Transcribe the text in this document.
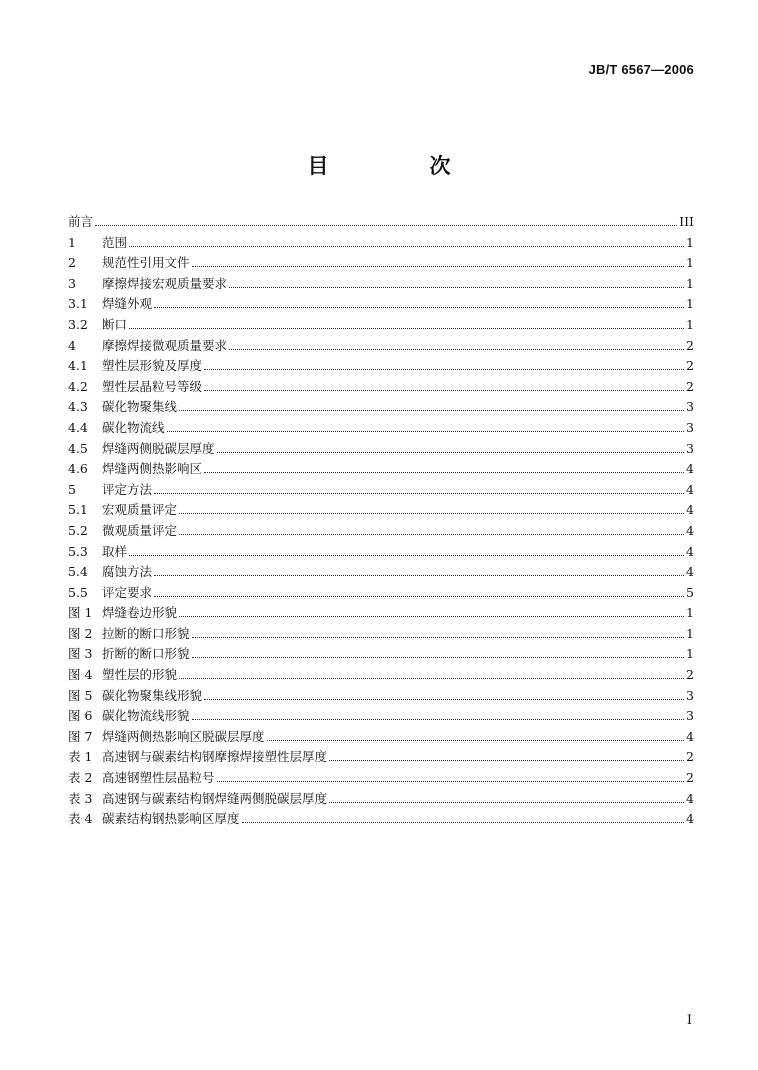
JB/T 6567—2006
目　次
前言	III
1	范围	1
2	规范性引用文件	1
3	摩擦焊接宏观质量要求	1
3.1	焊缝外观	1
3.2	断口	1
4	摩擦焊接微观质量要求	2
4.1	塑性层形貌及厚度	2
4.2	塑性层晶粒号等级	2
4.3	碳化物聚集线	3
4.4	碳化物流线	3
4.5	焊缝两侧脱碳层厚度	3
4.6	焊缝两侧热影响区	4
5	评定方法	4
5.1	宏观质量评定	4
5.2	微观质量评定	4
5.3	取样	4
5.4	腐蚀方法	4
5.5	评定要求	5
图 1 焊缝卷边形貌	1
图 2 拉断的断口形貌	1
图 3 折断的断口形貌	1
图 4 塑性层的形貌	2
图 5 碳化物聚集线形貌	3
图 6 碳化物流线形貌	3
图 7 焊缝两侧热影响区脱碳层厚度	4
表 1 高速钢与碳素结构钢摩擦焊接塑性层厚度	2
表 2 高速钢塑性层晶粒号	2
表 3 高速钢与碳素结构钢焊缝两侧脱碳层厚度	4
表 4 碳素结构钢热影响区厚度	4
I
